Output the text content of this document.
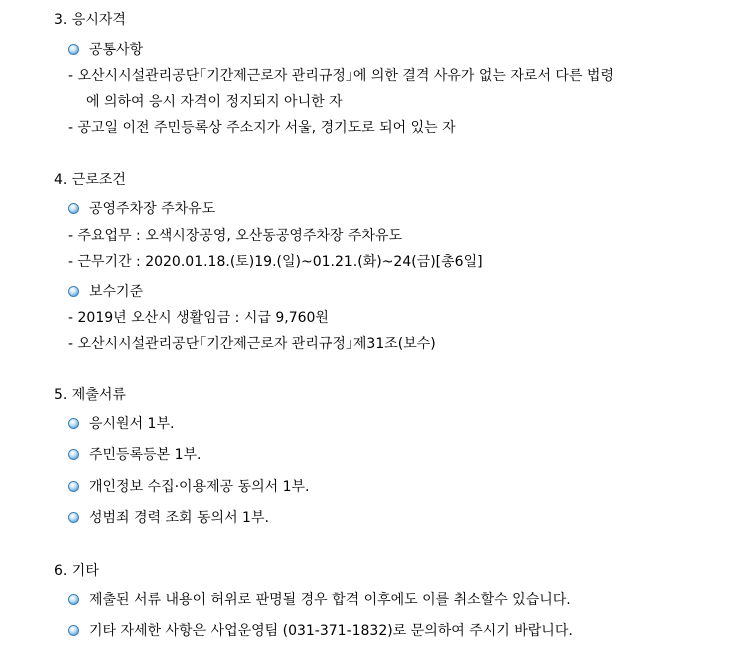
3. 응시자격
공통사항
- 오산시시설관리공단｢기간제근로자 관리규정｣에 의한 결격 사유가 없는 자로서 다른 법령
에 의하여 응시 자격이 정지되지 아니한 자
- 공고일 이전 주민등록상 주소지가 서울, 경기도로 되어 있는 자
4. 근로조건
공영주차장 주차유도
- 주요업무 : 오색시장공영, 오산동공영주차장 주차유도
- 근무기간 : 2020.01.18.(토)19.(일)~01.21.(화)~24(금)[총6일]
보수기준
- 2019년 오산시 생활임금 : 시급 9,760원
- 오산시시설관리공단｢기간제근로자 관리규정｣제31조(보수)
5. 제출서류
응시원서 1부.
주민등록등본 1부.
개인정보 수집·이용제공 동의서 1부.
성범죄 경력 조회 동의서 1부.
6. 기타
제출된 서류 내용이 허위로 판명될 경우 합격 이후에도 이를 취소할수 있습니다.
기타 자세한 사항은 사업운영팀 (031-371-1832)로 문의하여 주시기 바랍니다.
